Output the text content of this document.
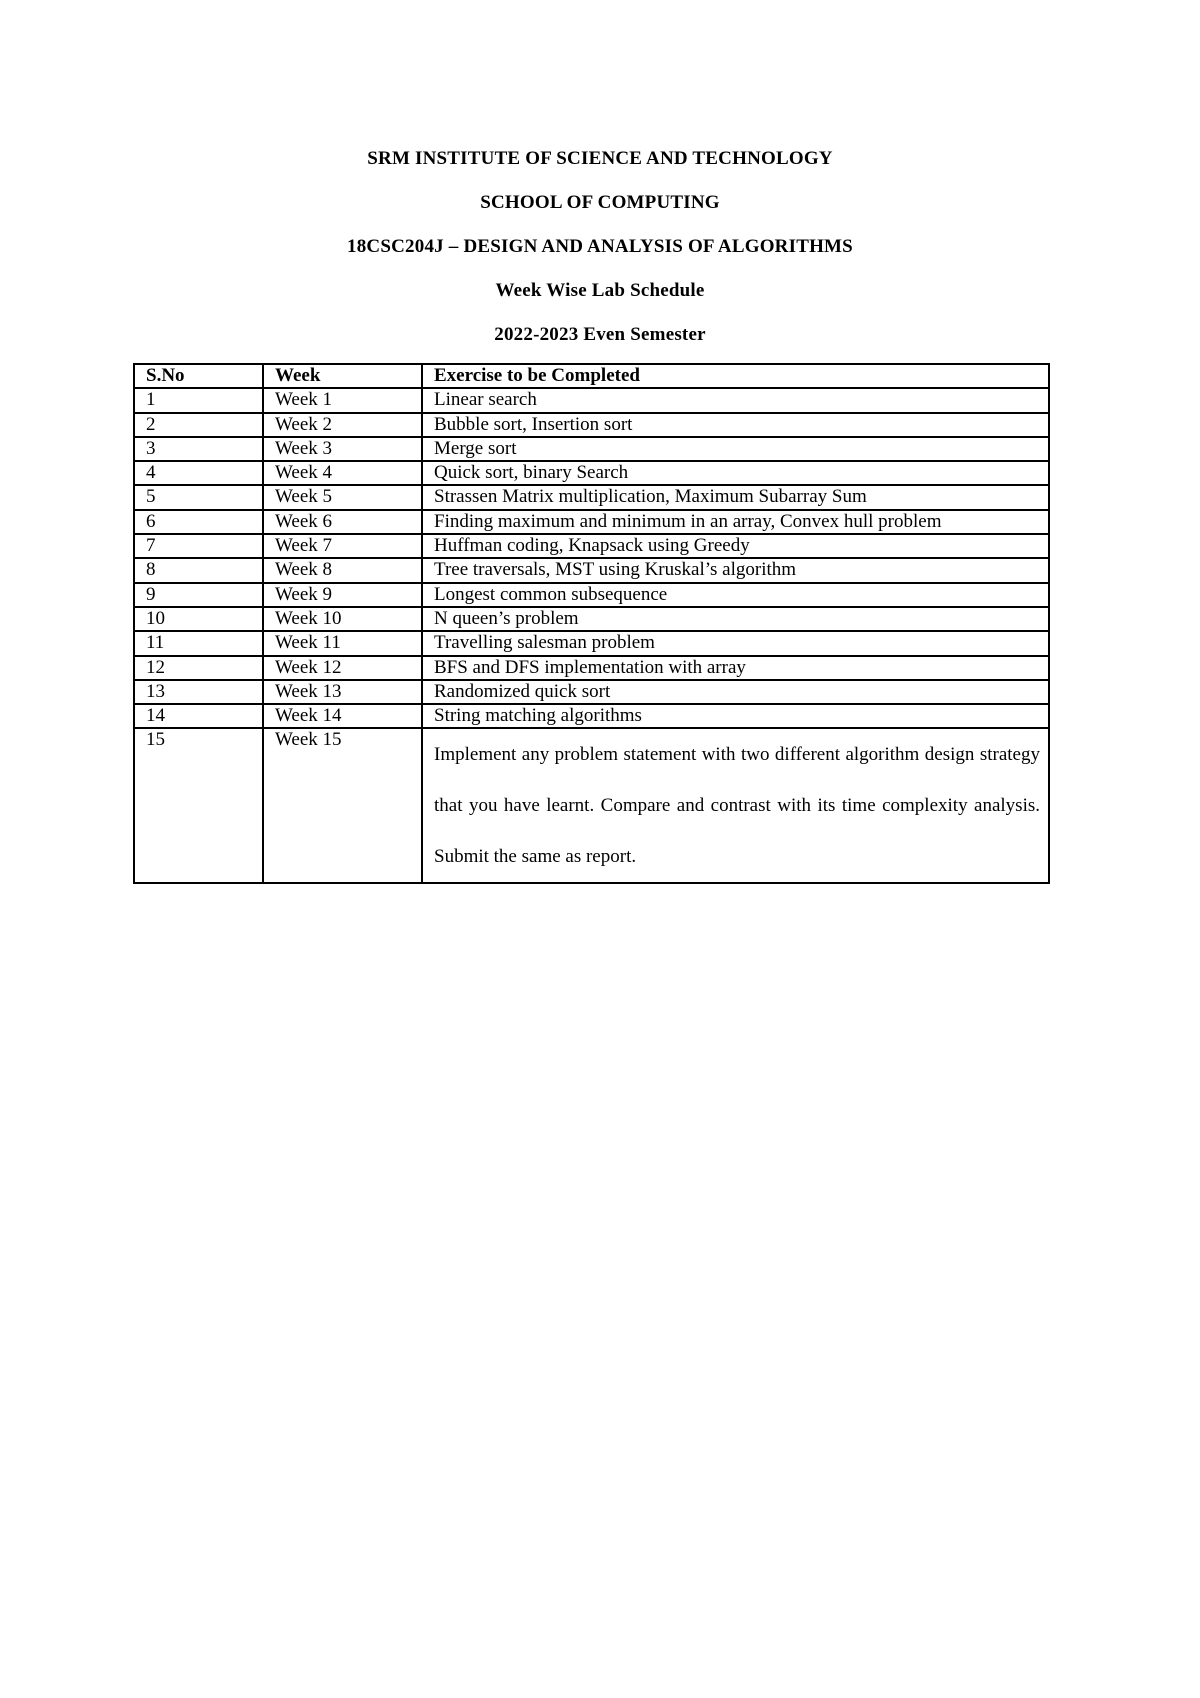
SRM INSTITUTE OF SCIENCE AND TECHNOLOGY
SCHOOL OF COMPUTING
18CSC204J – DESIGN AND ANALYSIS OF ALGORITHMS
Week Wise Lab Schedule
2022-2023 Even Semester
S.No	Week	Exercise to be Completed
1	Week 1	Linear search
2	Week 2	Bubble sort, Insertion sort
3	Week 3	Merge sort
4	Week 4	Quick sort, binary Search
5	Week 5	Strassen Matrix multiplication, Maximum Subarray Sum
6	Week 6	Finding maximum and minimum in an array, Convex hull problem
7	Week 7	Huffman coding, Knapsack using Greedy
8	Week 8	Tree traversals, MST using Kruskal’s algorithm
9	Week 9	Longest common subsequence
10	Week 10	N queen’s problem
11	Week 11	Travelling salesman problem
12	Week 12	BFS and DFS implementation with array
13	Week 13	Randomized quick sort
14	Week 14	String matching algorithms
15	Week 15	Implement any problem statement with two different algorithm design strategy that you have learnt. Compare and contrast with its time complexity analysis. Submit the same as report.
